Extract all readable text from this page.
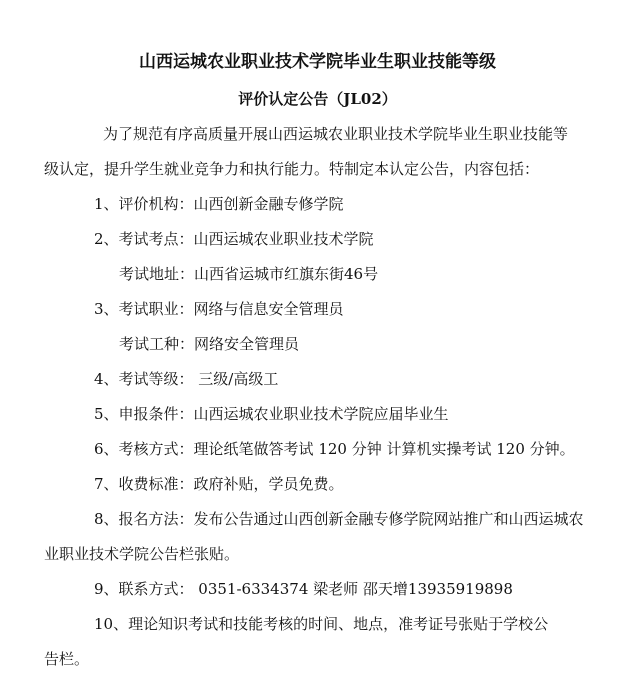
山西运城农业职业技术学院毕业生职业技能等级
评价认定公告（JL02）
为了规范有序高质量开展山西运城农业职业技术学院毕业生职业技能等
级认定，提升学生就业竞争力和执行能力。特制定本认定公告，内容包括：
1、评价机构：山西创新金融专修学院
2、考试考点：山西运城农业职业技术学院
考试地址：山西省运城市红旗东街46号
3、考试职业：网络与信息安全管理员
考试工种：网络安全管理员
4、考试等级： 三级/高级工
5、申报条件：山西运城农业职业技术学院应届毕业生
6、考核方式：理论纸笔做答考试 120 分钟 计算机实操考试 120 分钟。
7、收费标准：政府补贴，学员免费。
8、报名方法：发布公告通过山西创新金融专修学院网站推广和山西运城农
业职业技术学院公告栏张贴。
9、联系方式： 0351-6334374 梁老师 邵天增13935919898
10、理论知识考试和技能考核的时间、地点，准考证号张贴于学校公
告栏。
